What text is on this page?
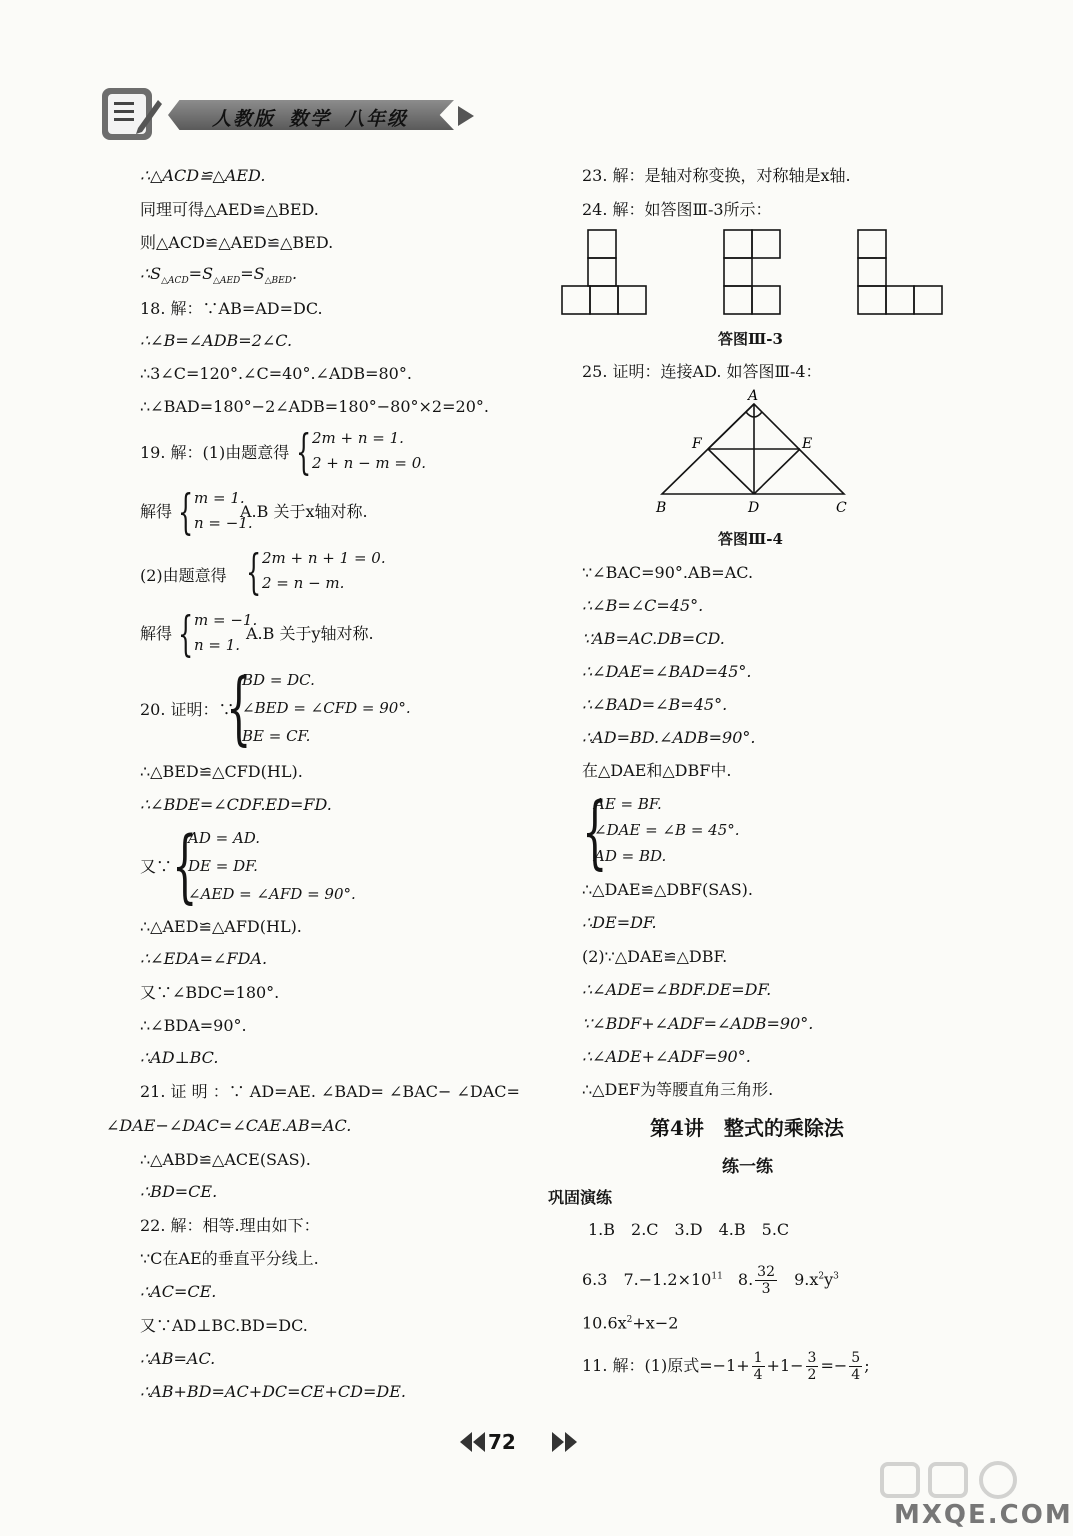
人教版 数学 八年级
∴△ACD≌△AED.
同理可得△AED≌△BED.
则△ACD≌△AED≌△BED.
$\therefore S_{\triangle ACD}=S_{\triangle AED}=S_{\triangle BED}$.
18. 解：∵AB=AD=DC.
∴∠B=∠ADB=2∠C.
∴3∠C=120°.∠C=40°.∠ADB=80°.
∴∠BAD=180°−2∠ADB=180°−80°×2=20°.
19. 解：(1)由题意得 { 2m + n = 1.
2 + n − m = 0.
解得 { m = 1.
n = −1.
A.B 关于x轴对称.
(2)由题意得 { 2m + n + 1 = 0.
2 = n − m.
解得 { m = −1.
n = 1.
A.B 关于y轴对称.
20. 证明：∵
{
BD = DC.
∠BED = ∠CFD = 90°.
BE = CF.
∴△BED≌△CFD(HL).
∴∠BDE=∠CDF.ED=FD.
又∵ {
AD = AD.
DE = DF.
∠AED = ∠AFD = 90°.
∴△AED≌△AFD(HL).
∴∠EDA=∠FDA.
又∵∠BDC=180°.
∴∠BDA=90°.
∴AD⊥BC.
21. 证 明 ：∵ AD=AE. ∠BAD= ∠BAC− ∠DAC=
∠DAE−∠DAC=∠CAE.AB=AC.
∴△ABD≌△ACE(SAS).
∴BD=CE.
22. 解：相等.理由如下：
∵C在AE的垂直平分线上.
∴AC=CE.
又∵AD⊥BC.BD=DC.
∴AB=AC.
∴AB+BD=AC+DC=CE+CD=DE.
23. 解：是轴对称变换，对称轴是x轴.
24. 解：如答图Ⅲ-3所示：
答图Ⅲ-3
25. 证明：连接AD. 如答图Ⅲ-4：
A
F	E
B	D	C
答图Ⅲ-4
∵∠BAC=90°.AB=AC.
∴∠B=∠C=45°.
∵AB=AC.DB=CD.
∴∠DAE=∠BAD=45°.
∴∠BAD=∠B=45°.
∴AD=BD.∠ADB=90°.
在△DAE和△DBF中.
{
AE = BF.
∠DAE = ∠B = 45°.
AD = BD.
∴△DAE≌△DBF(SAS).
∴DE=DF.
(2)∵△DAE≌△DBF.
∴∠ADE=∠BDF.DE=DF.
∵∠BDF+∠ADF=∠ADB=90°.
∴∠ADE+∠ADF=90°.
∴△DEF为等腰直角三角形.
第4讲　整式的乘除法
练一练
巩固演练
1.B　2.C　3.D　4.B　5.C
6.3　$7.-1.2\times 10^{11}$ 8. $\frac{32}{3} 9.x^2y^3$
$10.6x^2+x-2$
11. 解：(1)原式$=-1+ \frac{1}{4} +1- \frac{3}{2} =- \frac{5}{4}$ ;
72
MXQE.COM
